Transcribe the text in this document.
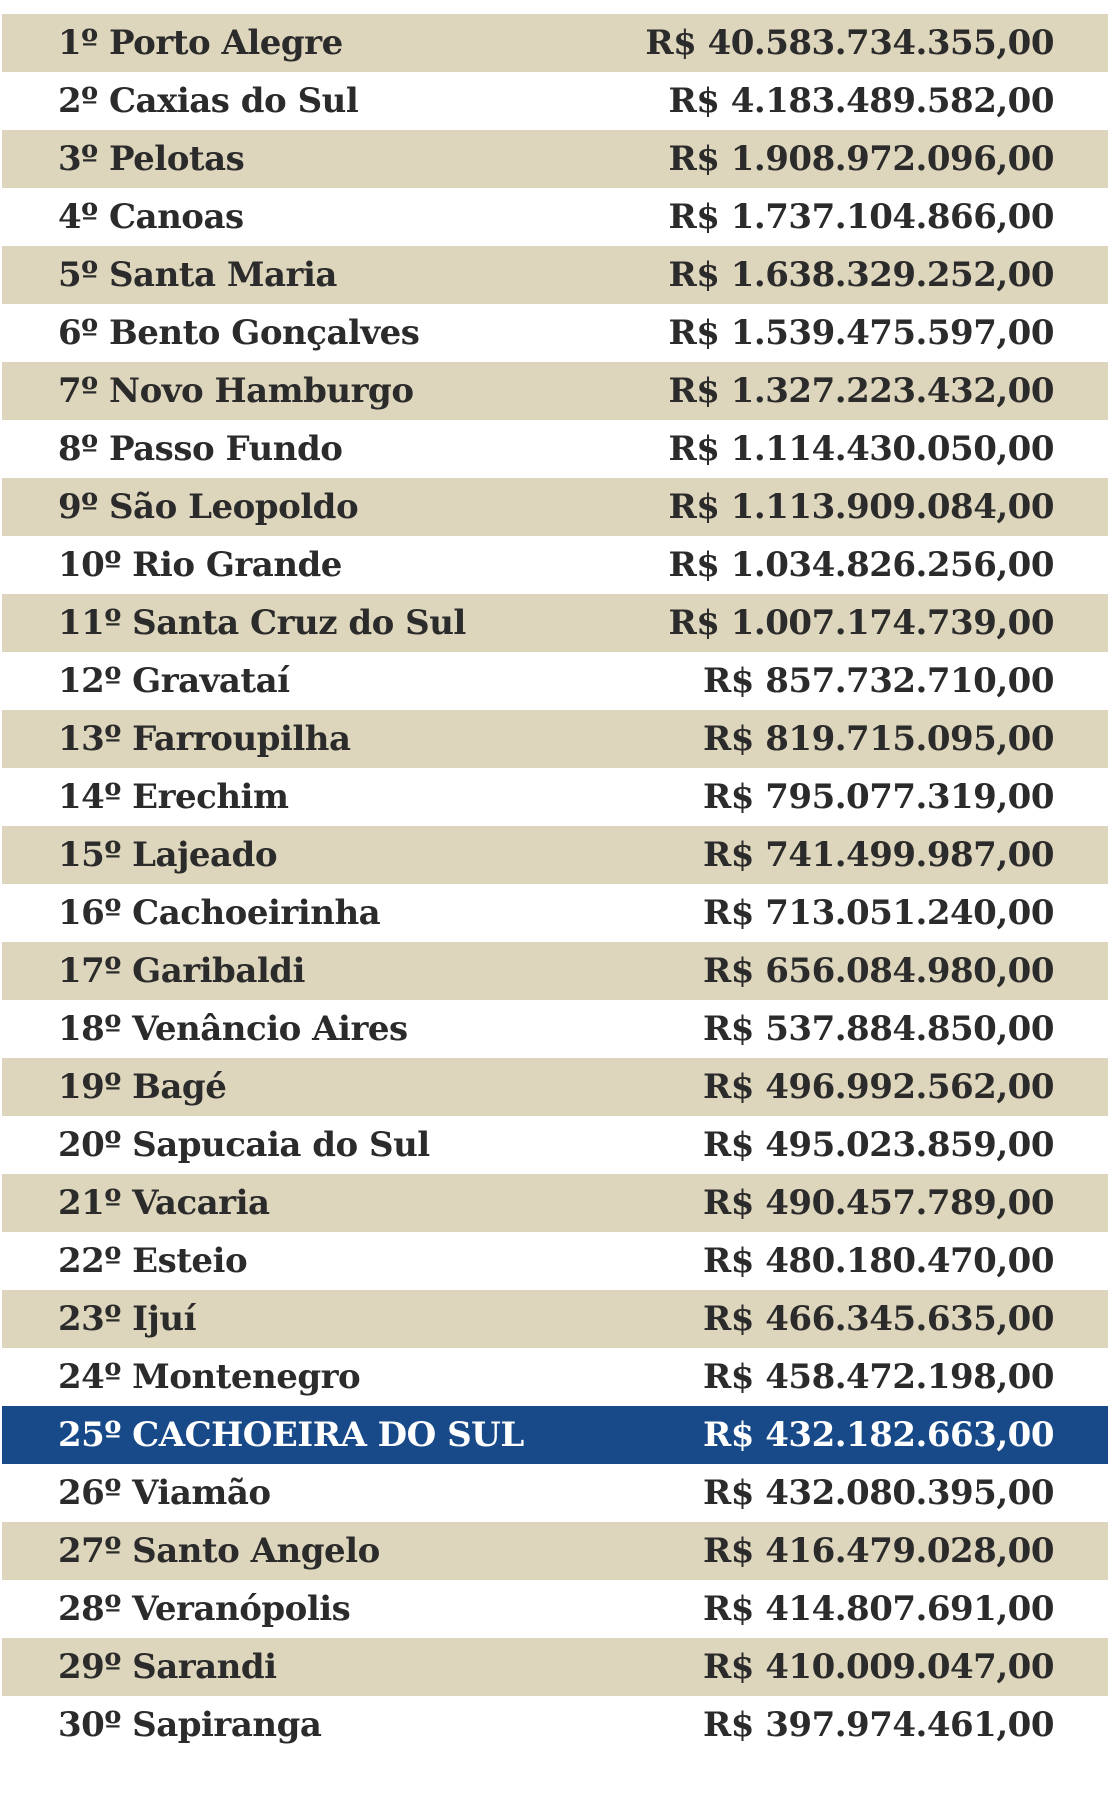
1º Porto Alegre	R$ 40.583.734.355,00
2º Caxias do Sul	R$ 4.183.489.582,00
3º Pelotas	R$ 1.908.972.096,00
4º Canoas	R$ 1.737.104.866,00
5º Santa Maria	R$ 1.638.329.252,00
6º Bento Gonçalves	R$ 1.539.475.597,00
7º Novo Hamburgo	R$ 1.327.223.432,00
8º Passo Fundo	R$ 1.114.430.050,00
9º São Leopoldo	R$ 1.113.909.084,00
10º Rio Grande	R$ 1.034.826.256,00
11º Santa Cruz do Sul	R$ 1.007.174.739,00
12º Gravataí	R$ 857.732.710,00
13º Farroupilha	R$ 819.715.095,00
14º Erechim	R$ 795.077.319,00
15º Lajeado	R$ 741.499.987,00
16º Cachoeirinha	R$ 713.051.240,00
17º Garibaldi	R$ 656.084.980,00
18º Venâncio Aires	R$ 537.884.850,00
19º Bagé	R$ 496.992.562,00
20º Sapucaia do Sul	R$ 495.023.859,00
21º Vacaria	R$ 490.457.789,00
22º Esteio	R$ 480.180.470,00
23º Ijuí	R$ 466.345.635,00
24º Montenegro	R$ 458.472.198,00
25º CACHOEIRA DO SUL	R$ 432.182.663,00
26º Viamão	R$ 432.080.395,00
27º Santo Angelo	R$ 416.479.028,00
28º Veranópolis	R$ 414.807.691,00
29º Sarandi	R$ 410.009.047,00
30º Sapiranga	R$ 397.974.461,00
